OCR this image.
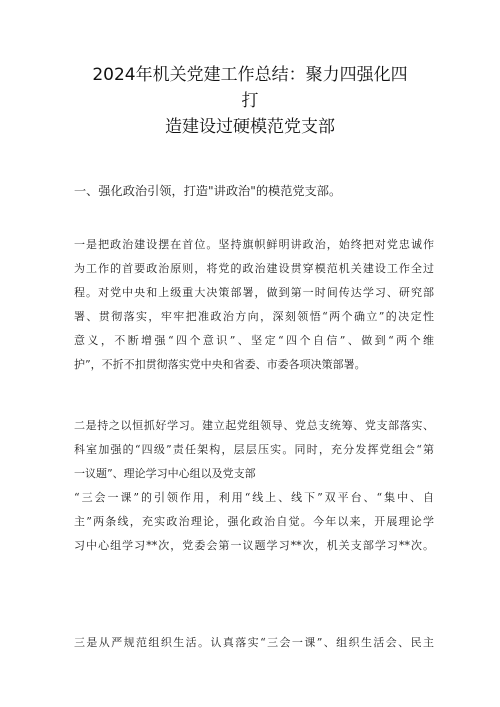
2024年机关党建工作总结：聚力四强化四
打
造建设过硬模范党支部
一、强化政治引领，打造"讲政治"的模范党支部。
一是把政治建设摆在首位。坚持旗帜鲜明讲政治，始终把对党忠诚作
为工作的首要政治原则，将党的政治建设贯穿模范机关建设工作全过
程。对党中央和上级重大决策部署，做到第一时间传达学习、研究部
署、贯彻落实，牢牢把准政治方向，深刻领悟“两个确立”的决定性
意义，不断增强“四个意识”、坚定“四个自信”、做到“两个维
护”，不折不扣贯彻落实党中央和省委、市委各项决策部署。
二是持之以恒抓好学习。建立起党组领导、党总支统筹、党支部落实、
科室加强的“四级”责任架构，层层压实。同时，充分发挥党组会“第
一议题”、理论学习中心组以及党支部
“三会一课”的引领作用，利用“线上、线下”双平台、“集中、自
主”两条线，充实政治理论，强化政治自觉。今年以来，开展理论学
习中心组学习**次，党委会第一议题学习**次，机关支部学习**次。
三是从严规范组织生活。认真落实“三会一课”、组织生活会、民主
